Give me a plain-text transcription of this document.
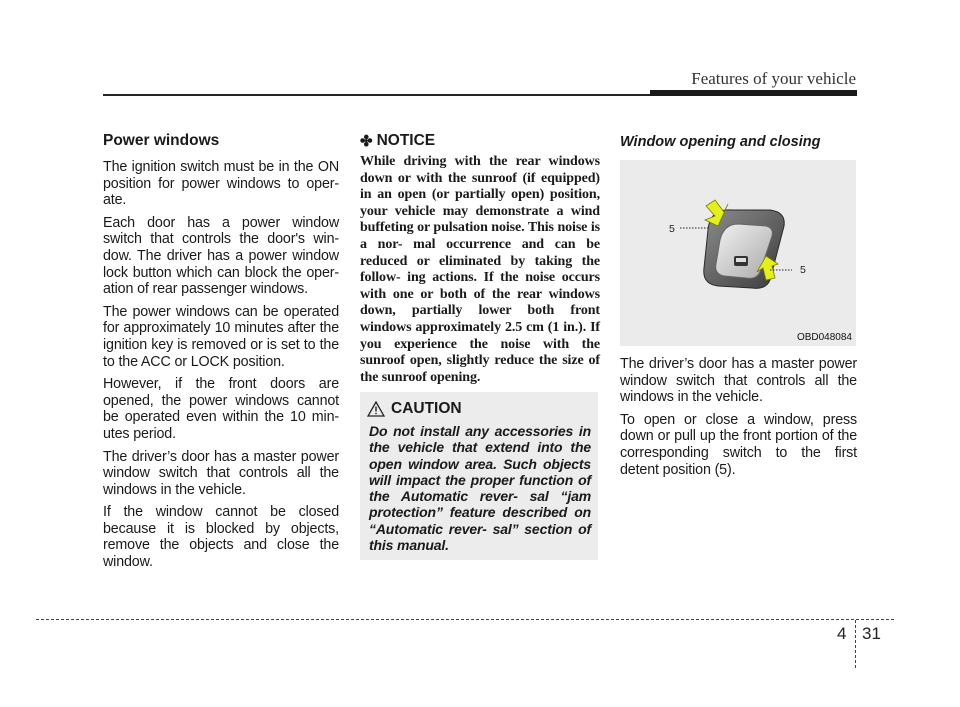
Features of your vehicle
Power windows

The ignition switch must be in the ON position for power windows to oper- ate.

Each door has a power window switch that controls the door's win- dow. The driver has a power window lock button which can block the oper- ation of rear passenger windows.

The power windows can be operated for approximately 10 minutes after the ignition key is removed or is set to the to the ACC or LOCK position.

However, if the front doors are opened, the power windows cannot be operated even within the 10 min- utes period.

The driver’s door has a master power window switch that controls all the windows in the vehicle.

If the window cannot be closed because it is blocked by objects, remove the objects and close the window.

✤ NOTICE

While driving with the rear windows down or with the sunroof (if equipped) in an open (or partially open) position, your vehicle may demonstrate a wind buffeting or pulsation noise. This noise is a nor- mal occurrence and can be reduced or eliminated by taking the follow- ing actions. If the noise occurs with one or both of the rear windows down, partially lower both front windows approximately 2.5 cm (1 in.). If you experience the noise with the sunroof open, slightly reduce the size of the sunroof opening.

CAUTION
Do not install any accessories in the vehicle that extend into the open window area. Such objects will impact the proper function of the Automatic rever- sal “jam protection” feature described on “Automatic rever- sal” section of this manual.
Window opening and closing
5
5
OBD048084

The driver’s door has a master power window switch that controls all the windows in the vehicle.

To open or close a window, press down or pull up the front portion of the corresponding switch to the first detent position (5).

4 31
